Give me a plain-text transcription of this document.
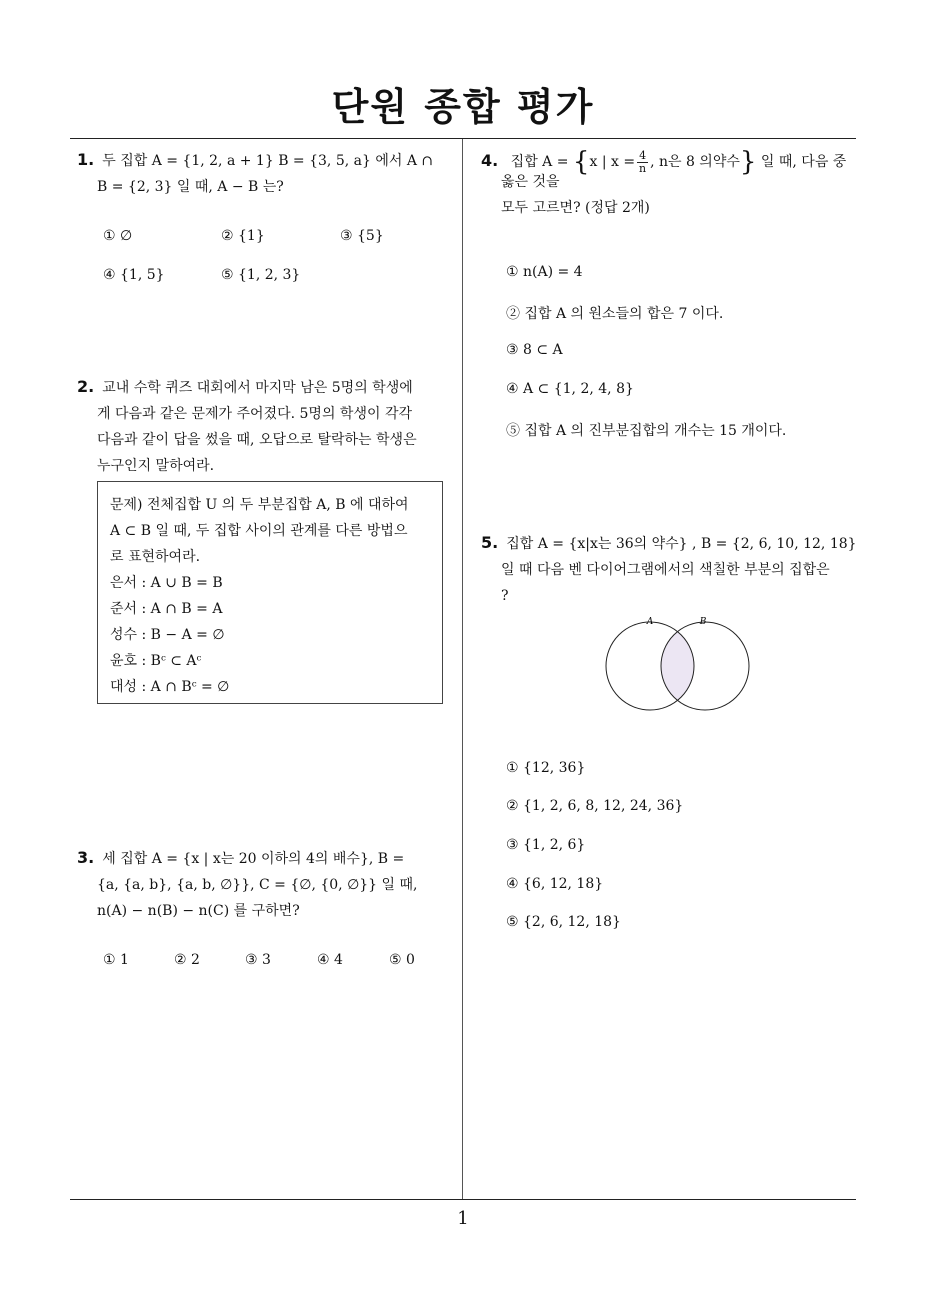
단원 종합 평가
1. 두 집합 A = {1, 2, a + 1} B = {3, 5, a} 에서 A ∩
B = {2, 3} 일 때, A − B 는?
① ∅	② {1}	③ {5}
④ {1, 5}	⑤ {1, 2, 3}
2. 교내 수학 퀴즈 대회에서 마지막 남은 5명의 학생에
게 다음과 같은 문제가 주어졌다. 5명의 학생이 각각
다음과 같이 답을 썼을 때, 오답으로 탈락하는 학생은
누구인지 말하여라.
문제) 전체집합 U 의 두 부분집합 A, B 에 대하여
A ⊂ B 일 때, 두 집합 사이의 관계를 다른 방법으
로 표현하여라.
은서 : A ∪ B = B
준서 : A ∩ B = A
성수 : B − A = ∅
윤호 : Bᶜ ⊂ Aᶜ
대성 : A ∩ Bᶜ = ∅
3. 세 집합 A = {x | x는 20 이하의 4의 배수}, B =
{a, {a, b}, {a, b, ∅}}, C = {∅, {0, ∅}} 일 때,
n(A) − n(B) − n(C) 를 구하면?
① 1	② 2	③ 3	④ 4	⑤ 0
4. 집합 A = {x | $x = \frac{4}{n}$ , n은 8 의약수} 일 때, 다음 중
옳은 것을
모두 고르면? (정답 2개)
① n(A) = 4
② 집합 A 의 원소들의 합은 7 이다.
③ 8 ⊂ A
④ A ⊂ {1, 2, 4, 8}
⑤ 집합 A 의 진부분집합의 개수는 15 개이다.
5. 집합 A = {x|x는 36의 약수} , B = {2, 6, 10, 12, 18}
일 때 다음 벤 다이어그램에서의 색칠한 부분의 집합은
?
A	B
① {12, 36}
② {1, 2, 6, 8, 12, 24, 36}
③ {1, 2, 6}
④ {6, 12, 18}
⑤ {2, 6, 12, 18}
1
